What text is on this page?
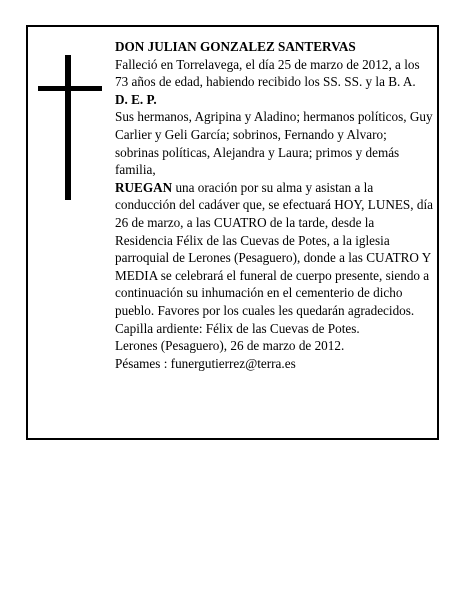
DON JULIAN GONZALEZ SANTERVAS

Falleció en Torrelavega, el día 25 de marzo de 2012, a los 73 años de edad, habiendo recibido los SS. SS. y la B. A.

D. E. P.

Sus hermanos, Agripina y Aladino; hermanos políticos, Guy Carlier y Geli García; sobrinos, Fernando y Alvaro; sobrinas políticas, Alejandra y Laura; primos y demás familia,

RUEGAN una oración por su alma y asistan a la conducción del cadáver que, se efectuará HOY, LUNES, día 26 de marzo, a las CUATRO de la tarde, desde la Residencia Félix de las Cuevas de Potes, a la iglesia parroquial de Lerones (Pesaguero), donde a las CUATRO Y MEDIA se celebrará el funeral de cuerpo presente, siendo a continuación su inhumación en el cementerio de dicho pueblo. Favores por los cuales les quedarán agradecidos. Capilla ardiente: Félix de las Cuevas de Potes.

Lerones (Pesaguero), 26 de marzo de 2012.

Pésames : funergutierrez@terra.es
